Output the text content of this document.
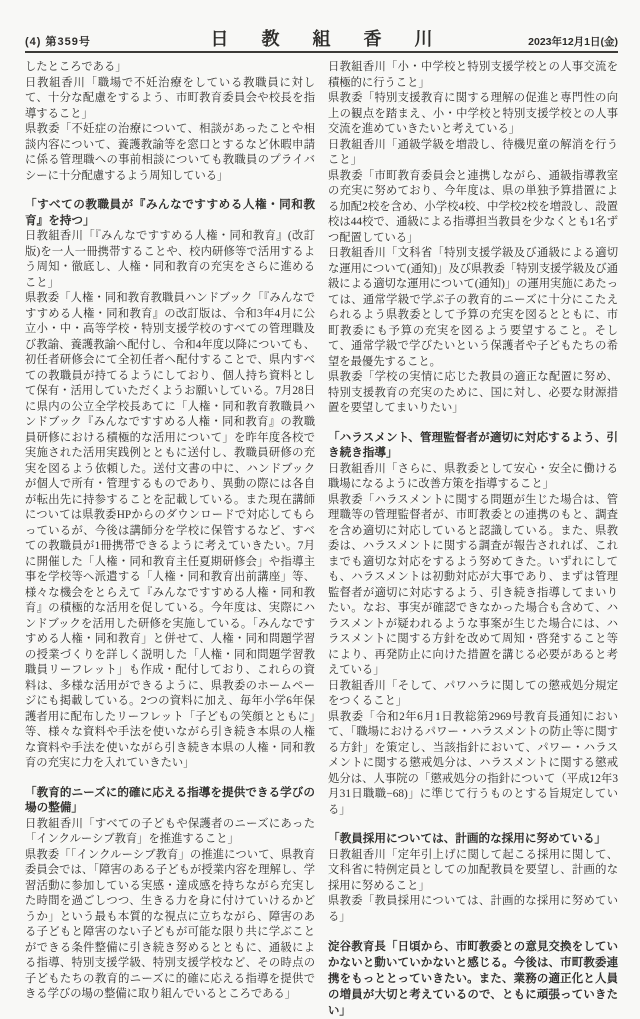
(4) 第359号	日 教 組 香 川	2023年12月1日(金)

したところである」

日教組香川「職場で不妊治療をしている教職員に対して、十分な配慮をするよう、市町教育委員会や校長を指導すること」

県教委「不妊症の治療について、相談があったことや相談内容について、養護教諭等を窓口とするなど休暇申請に係る管理職への事前相談についても教職員のプライバシーに十分配慮するよう周知している」

「すべての教職員が『みんなですすめる人権・同和教育』を持つ」

日教組香川「『みんなですすめる人権・同和教育』(改訂版)を一人一冊携帯することや、校内研修等で活用するよう周知・徹底し、人権・同和教育の充実をさらに進めること」

県教委「人権・同和教育教職員ハンドブック「『みんなですすめる人権・同和教育』の改訂版は、令和3年4月に公立小・中・高等学校・特別支援学校のすべての管理職及び教諭、養護教諭へ配付し、令和4年度以降についても、初任者研修会にて全初任者へ配付することで、県内すべての教職員が持てるようにしており、個人持ち資料として保有・活用していただくようお願いしている。7月28日に県内の公立全学校長あてに「人権・同和教育教職員ハンドブック『みんなですすめる人権・同和教育』の教職員研修における積極的な活用について」を昨年度各校で実施された活用実践例とともに送付し、教職員研修の充実を図るよう依頼した。送付文書の中に、ハンドブックが個人で所有・管理するものであり、異動の際には各自が転出先に持参することを記載している。また現在講師については県教委HPからのダウンロードで対応してもらっているが、今後は講師分を学校に保管するなど、すべての教職員が1冊携帯できるように考えていきたい。7月に開催した「人権・同和教育主任夏期研修会」や指導主事を学校等へ派遣する「人権・同和教育出前講座」等、様々な機会をとらえて『みんなですすめる人権・同和教育』の積極的な活用を促している。今年度は、実際にハンドブックを活用した研修を実施している。「みんなですすめる人権・同和教育」と併せて、人権・同和問題学習の授業づくりを詳しく説明した「人権・同和問題学習教職員リーフレット」も作成・配付しており、これらの資料は、多様な活用ができるように、県教委のホームページにも掲載している。2つの資料に加え、毎年小学6年保護者用に配布したリーフレット「子どもの笑顔とともに」等、様々な資料や手法を使いながら引き続き本県の人権な資料や手法を使いながら引き続き本県の人権・同和教育の充実に力を入れていきたい」

「教育的ニーズに的確に応える指導を提供できる学びの場の整備」

日教組香川「すべての子どもや保護者のニーズにあった「インクルーシブ教育」を推進すること」

県教委「「インクルーシブ教育」の推進について、県教育委員会では、「障害のある子どもが授業内容を理解し、学習活動に参加している実感・達成感を持ちながら充実した時間を過ごしつつ、生きる力を身に付けていけるかどうか」という最も本質的な視点に立ちながら、障害のある子どもと障害のない子どもが可能な限り共に学ぶことができる条件整備に引き続き努めるとともに、通級による指導、特別支援学級、特別支援学校など、その時点の子どもたちの教育的ニーズに的確に応える指導を提供できる学びの場の整備に取り組んでいるところである」

日教組香川「小・中学校と特別支援学校との人事交流を積極的に行うこと」

県教委「特別支援教育に関する理解の促進と専門性の向上の観点を踏まえ、小・中学校と特別支援学校との人事交流を進めていきたいと考えている」

日教組香川「通級学級を増設し、待機児童の解消を行うこと」

県教委「市町教育委員会と連携しながら、通級指導教室の充実に努めており、今年度は、県の単独予算措置による加配2校を含め、小学校4校、中学校2校を増設し、設置校は44校で、通級による指導担当教員を少なくとも1名ずつ配置している」

日教組香川「文科省「特別支援学級及び通級による適切な運用について(通知)」及び県教委「特別支援学級及び通級による適切な運用について(通知)」の運用実施にあたっては、通常学級で学ぶ子の教育的ニーズに十分にこたえられるよう県教委として予算の充実を図るとともに、市町教委にも予算の充実を図るよう要望すること。そして、通常学級で学びたいという保護者や子どもたちの希望を最優先すること。

県教委「学校の実情に応じた教員の適正な配置に努め、特別支援教育の充実のために、国に対し、必要な財源措置を要望してまいりたい」

「ハラスメント、管理監督者が適切に対応するよう、引き続き指導」

日教組香川「さらに、県教委として安心・安全に働ける職場になるように改善方策を指導すること」

県教委「ハラスメントに関する問題が生じた場合は、管理職等の管理監督者が、市町教委との連携のもと、調査を含め適切に対応していると認識している。また、県教委は、ハラスメントに関する調査が報告されれば、これまでも適切な対応をするよう努めてきた。いずれにしても、ハラスメントは初動対応が大事であり、まずは管理監督者が適切に対応するよう、引き続き指導してまいりたい。なお、事実が確認できなかった場合も含めて、ハラスメントが疑われるような事案が生じた場合には、ハラスメントに関する方針を改めて周知・啓発すること等により、再発防止に向けた措置を講じる必要があると考えている」

日教組香川「そして、パワハラに関しての懲戒処分規定をつくること」

県教委「令和2年6月1日教総第2969号教育長通知において、「職場におけるパワー・ハラスメントの防止等に関する方針」を策定し、当該指針において、パワー・ハラスメントに関する懲戒処分は、ハラスメントに関する懲戒処分は、人事院の「懲戒処分の指針について（平成12年3月31日職職−68)」に準じて行うものとする旨規定している」

「教員採用については、計画的な採用に努めている」

日教組香川「定年引上げに関して起こる採用に関して、文科省に特例定員としての加配教員を要望し、計画的な採用に努めること」

県教委「教員採用については、計画的な採用に努めている」

淀谷教育長「日頃から、市町教委との意見交換をしていかないと動いていかないと感じる。今後は、市町教委連携をもっととっていきたい。また、業務の適正化と人員の増員が大切と考えているので、ともに頑張っていきたい」
